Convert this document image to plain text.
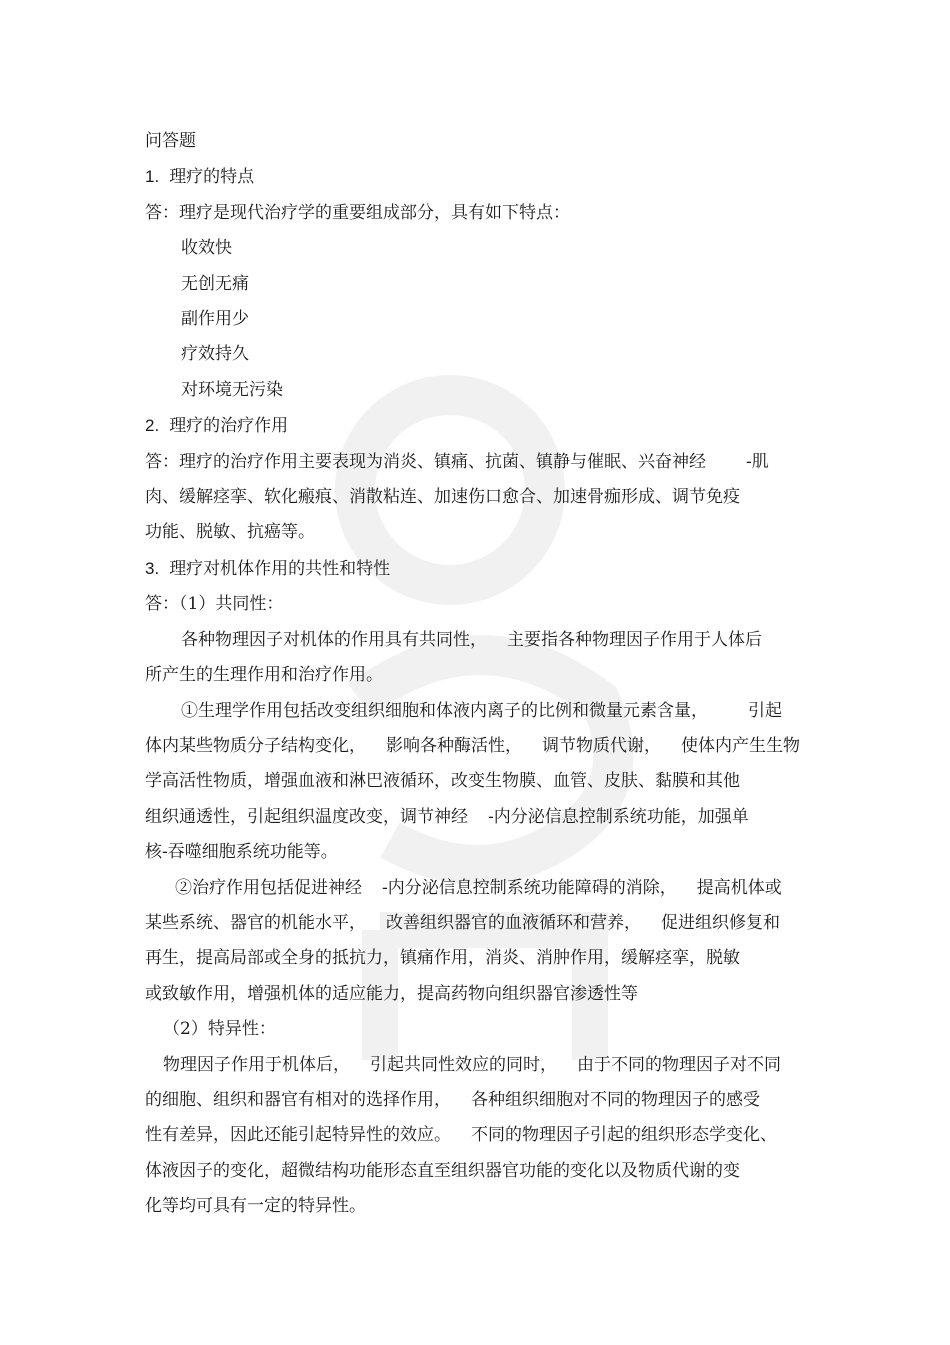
问答题
1. 理疗的特点
答：理疗是现代治疗学的重要组成部分，具有如下特点：
收效快
无创无痛
副作用少
疗效持久
对环境无污染
2. 理疗的治疗作用
答：理疗的治疗作用主要表现为消炎、镇痛、抗菌、镇静与催眠、兴奋神经 -肌
肉、缓解痉挛、软化瘢痕、消散粘连、加速伤口愈合、加速骨痂形成、调节免疫
功能、脱敏、抗癌等。
3. 理疗对机体作用的共性和特性
答：（1）共同性：
各种物理因子对机体的作用具有共同性， 主要指各种物理因子作用于人体后
所产生的生理作用和治疗作用。
①生理学作用包括改变组织细胞和体液内离子的比例和微量元素含量， 引起
体内某些物质分子结构变化， 影响各种酶活性， 调节物质代谢， 使体内产生生物
学高活性物质，增强血液和淋巴液循环，改变生物膜、血管、皮肤、黏膜和其他
组织通透性，引起组织温度改变，调节神经 -内分泌信息控制系统功能，加强单
核-吞噬细胞系统功能等。
②治疗作用包括促进神经 -内分泌信息控制系统功能障碍的消除， 提高机体或
某些系统、器官的机能水平， 改善组织器官的血液循环和营养， 促进组织修复和
再生，提高局部或全身的抵抗力，镇痛作用，消炎、消肿作用，缓解痉挛，脱敏
或致敏作用，增强机体的适应能力，提高药物向组织器官渗透性等
（2）特异性：
物理因子作用于机体后， 引起共同性效应的同时， 由于不同的物理因子对不同
的细胞、组织和器官有相对的选择作用， 各种组织细胞对不同的物理因子的感受
性有差异，因此还能引起特异性的效应。 不同的物理因子引起的组织形态学变化、
体液因子的变化，超微结构功能形态直至组织器官功能的变化以及物质代谢的变
化等均可具有一定的特异性。
